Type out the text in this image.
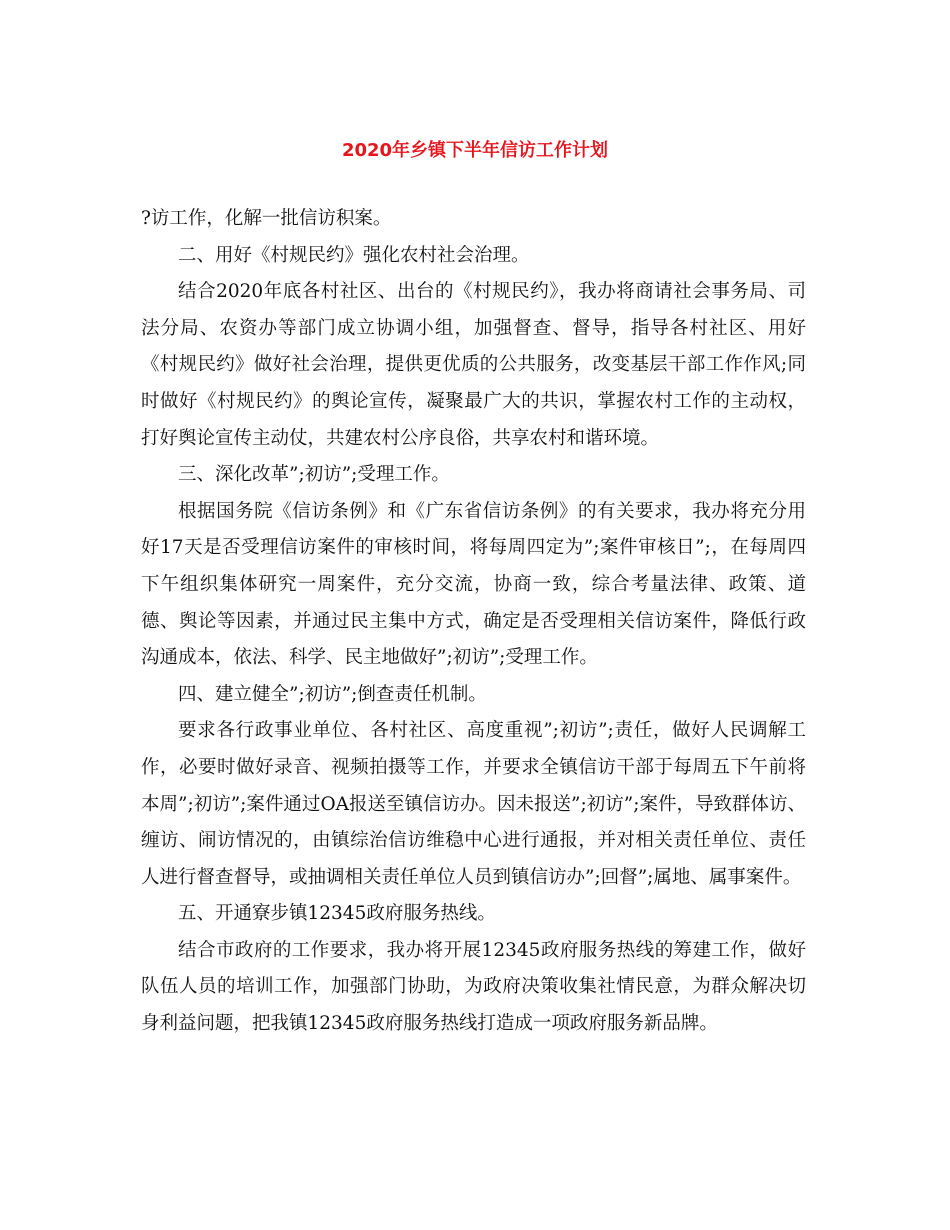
2020年乡镇下半年信访工作计划

?访工作，化解一批信访积案。

二、用好《村规民约》强化农村社会治理。

结合2020年底各村社区、出台的《村规民约》，我办将商请社会事务局、司法分局、农资办等部门成立协调小组，加强督查、督导，指导各村社区、用好《村规民约》做好社会治理，提供更优质的公共服务，改变基层干部工作作风;同时做好《村规民约》的舆论宣传，凝聚最广大的共识，掌握农村工作的主动权，打好舆论宣传主动仗，共建农村公序良俗，共享农村和谐环境。

三、深化改革”;初访”;受理工作。

根据国务院《信访条例》和《广东省信访条例》的有关要求，我办将充分用好17天是否受理信访案件的审核时间，将每周四定为”;案件审核日”;，在每周四下午组织集体研究一周案件，充分交流，协商一致，综合考量法律、政策、道德、舆论等因素，并通过民主集中方式，确定是否受理相关信访案件，降低行政沟通成本，依法、科学、民主地做好”;初访”;受理工作。

四、建立健全”;初访”;倒查责任机制。

要求各行政事业单位、各村社区、高度重视”;初访”;责任，做好人民调解工作，必要时做好录音、视频拍摄等工作，并要求全镇信访干部于每周五下午前将本周”;初访”;案件通过OA报送至镇信访办。因未报送”;初访”;案件，导致群体访、缠访、闹访情况的，由镇综治信访维稳中心进行通报，并对相关责任单位、责任人进行督查督导，或抽调相关责任单位人员到镇信访办”;回督”;属地、属事案件。

五、开通寮步镇12345政府服务热线。

结合市政府的工作要求，我办将开展12345政府服务热线的筹建工作，做好队伍人员的培训工作，加强部门协助，为政府决策收集社情民意，为群众解决切身利益问题，把我镇12345政府服务热线打造成一项政府服务新品牌。
